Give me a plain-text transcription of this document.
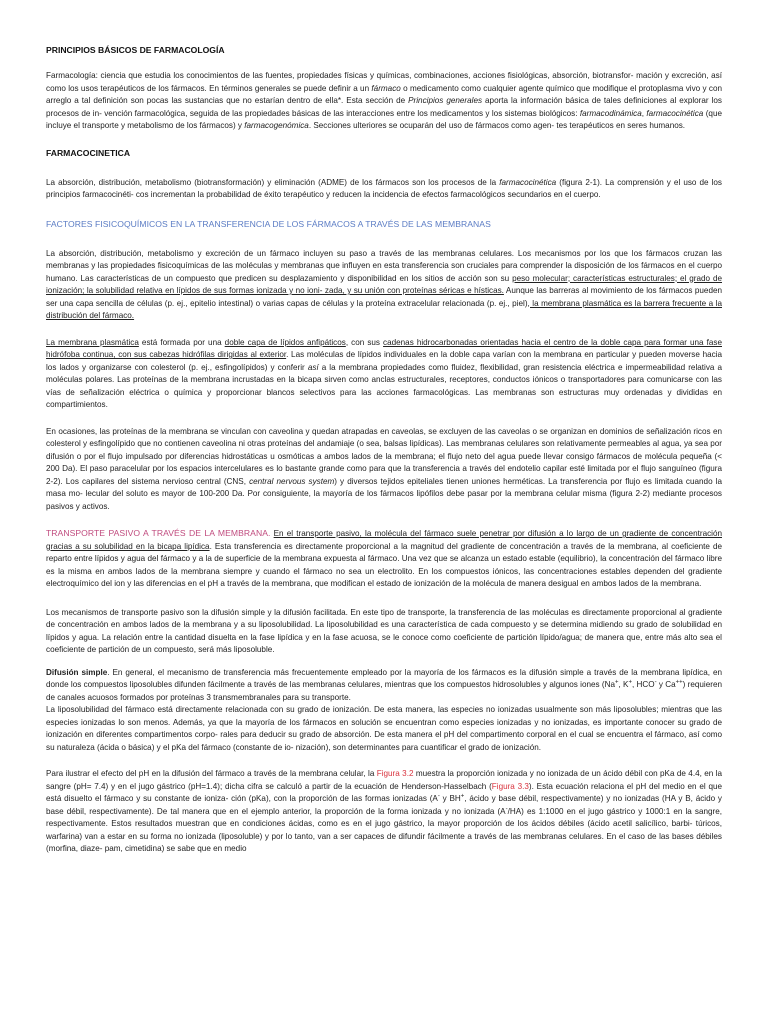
PRINCIPIOS BÁSICOS DE FARMACOLOGÍA

Farmacología: ciencia que estudia los conocimientos de las fuentes, propiedades físicas y químicas, combinaciones, acciones fisiológicas, absorción, biotransfor- mación y excreción, así como los usos terapéuticos de los fármacos. En términos generales se puede definir a un fármaco o medicamento como cualquier agente químico que modifique el protoplasma vivo y con arreglo a tal definición son pocas las sustancias que no estarían dentro de ella*. Esta sección de Principios generales aporta la información básica de tales definiciones al explorar los procesos de in- vención farmacológica, seguida de las propiedades básicas de las interacciones entre los medicamentos y los sistemas biológicos: farmacodinámica, farmacocinética (que incluye el transporte y metabolismo de los fármacos) y farmacogenómica. Secciones ulteriores se ocuparán del uso de fármacos como agen- tes terapéuticos en seres humanos.

FARMACOCINETICA

La absorción, distribución, metabolismo (biotransformación) y eliminación (ADME) de los fármacos son los procesos de la farmacocinética (figura 2-1). La comprensión y el uso de los principios farmacocinéti- cos incrementan la probabilidad de éxito terapéutico y reducen la incidencia de efectos farmacológicos secundarios en el cuerpo.

FACTORES FISICOQUÍMICOS EN LA TRANSFERENCIA DE LOS FÁRMACOS A TRAVÉS DE LAS MEMBRANAS

La absorción, distribución, metabolismo y excreción de un fármaco incluyen su paso a través de las membranas celulares. Los mecanismos por los que los fármacos cruzan las membranas y las propiedades fisicoquímicas de las moléculas y membranas que influyen en esta transferencia son cruciales para comprender la disposición de los fármacos en el cuerpo humano. Las características de un compuesto que predicen su desplazamiento y disponibilidad en los sitios de acción son su peso molecular; características estructurales; el grado de ionización; la solubilidad relativa en lípidos de sus formas ionizada y no ioni- zada, y su unión con proteínas séricas e hísticas. Aunque las barreras al movimiento de los fármacos pueden ser una capa sencilla de células (p. ej., epitelio intestinal) o varias capas de células y la proteína extracelular relacionada (p. ej., piel), la membrana plasmática es la barrera frecuente a la distribución del fármaco.

La membrana plasmática está formada por una doble capa de lípidos anfipáticos, con sus cadenas hidrocarbonadas orientadas hacia el centro de la doble capa para formar una fase hidrófoba continua, con sus cabezas hidrófilas dirigidas al exterior. Las moléculas de lípidos individuales en la doble capa varían con la membrana en particular y pueden moverse hacia los lados y organizarse con colesterol (p. ej., esfingolípidos) y conferir así a la membrana propiedades como fluidez, flexibilidad, gran resistencia eléctrica e impermeabilidad relativa a moléculas polares. Las proteínas de la membrana incrustadas en la bicapa sirven como anclas estructurales, receptores, conductos iónicos o transportadores para comunicarse con las vías de señalización eléctrica o química y proporcionar blancos selectivos para las acciones farmacológicas. Las membranas son estructuras muy ordenadas y divididas en compartimientos.

En ocasiones, las proteínas de la membrana se vinculan con caveolina y quedan atrapadas en caveolas, se excluyen de las caveolas o se organizan en dominios de señalización ricos en colesterol y esfingolípido que no contienen caveolina ni otras proteínas del andamiaje (o sea, balsas lipídicas). Las membranas celulares son relativamente permeables al agua, ya sea por difusión o por el flujo impulsado por diferencias hidrostáticas u osmóticas a ambos lados de la membrana; el flujo neto del agua puede llevar consigo fármacos de molécula pequeña (< 200 Da). El paso paracelular por los espacios intercelulares es lo bastante grande como para que la transferencia a través del endotelio capilar esté limitada por el flujo sanguíneo (figura 2-2). Los capilares del sistema nervioso central (CNS, central nervous system) y diversos tejidos epiteliales tienen uniones herméticas. La transferencia por flujo es limitada cuando la masa mo- lecular del soluto es mayor de 100-200 Da. Por consiguiente, la mayoría de los fármacos lipófilos debe pasar por la membrana celular misma (figura 2-2) mediante procesos pasivos y activos.

TRANSPORTE PASIVO A TRAVÉS DE LA MEMBRANA. En el transporte pasivo, la molécula del fármaco suele penetrar por difusión a lo largo de un gradiente de concentración gracias a su solubilidad en la bicapa lipídica. Esta transferencia es directamente proporcional a la magnitud del gradiente de concentración a través de la membrana, al coeficiente de reparto entre lípidos y agua del fármaco y a la de superficie de la membrana expuesta al fármaco. Una vez que se alcanza un estado estable (equilibrio), la concentración del fármaco libre es la misma en ambos lados de la membrana siempre y cuando el fármaco no sea un electrolito. En los compuestos iónicos, las concentraciones estables dependen del gradiente electroquímico del ion y las diferencias en el pH a través de la membrana, que modifican el estado de ionización de la molécula de manera desigual en ambos lados de la membrana.

Los mecanismos de transporte pasivo son la difusión simple y la difusión facilitada. En este tipo de transporte, la transferencia de las moléculas es directamente proporcional al gradiente de concentración en ambos lados de la membrana y a su liposolubilidad. La liposolubilidad es una característica de cada compuesto y se determina midiendo su grado de solubilidad en lípidos y agua. La relación entre la cantidad disuelta en la fase lipídica y en la fase acuosa, se le conoce como coeficiente de partición lípido/agua; de manera que, entre más alto sea el coeficiente de partición de un compuesto, será más liposoluble.

Difusión simple. En general, el mecanismo de transferencia más frecuentemente empleado por la mayoría de los fármacos es la difusión simple a través de la membrana lipídica, en donde los compuestos liposolubles difunden fácilmente a través de las membranas celulares, mientras que los compuestos hidrosolubles y algunos iones (Na+, K+, HCO- y Ca++) requieren de canales acuosos formados por proteínas 3 transmembranales para su transporte.

La liposolubilidad del fármaco está directamente relacionada con su grado de ionización. De esta manera, las especies no ionizadas usualmente son más liposolubles; mientras que las especies ionizadas lo son menos. Además, ya que la mayoría de los fármacos en solución se encuentran como especies ionizadas y no ionizadas, es importante conocer su grado de ionización en diferentes compartimentos corpo- rales para deducir su grado de absorción. De esta manera el pH del compartimento corporal en el cual se encuentra el fármaco, así como su naturaleza (ácida o básica) y el pKa del fármaco (constante de io- nización), son determinantes para cuantificar el grado de ionización.

Para ilustrar el efecto del pH en la difusión del fármaco a través de la membrana celular, la Figura 3.2 muestra la proporción ionizada y no ionizada de un ácido débil con pKa de 4.4, en la sangre (pH= 7.4) y en el jugo gástrico (pH=1.4); dicha cifra se calculó a partir de la ecuación de Henderson-Hasselbach (Figura 3.3). Esta ecuación relaciona el pH del medio en el que está disuelto el fármaco y su constante de ioniza- ción (pKa), con la proporción de las formas ionizadas (A- y BH+, ácido y base débil, respectivamente) y no ionizadas (HA y B, ácido y base débil, respectivamente). De tal manera que en el ejemplo anterior, la proporción de la forma ionizada y no ionizada (A-/HA) es 1:1000 en el jugo gástrico y 1000:1 en la sangre, respectivamente. Estos resultados muestran que en condiciones ácidas, como es en el jugo gástrico, la mayor proporción de los ácidos débiles (ácido acetil salicílico, barbi- túricos, warfarina) van a estar en su forma no ionizada (liposoluble) y por lo tanto, van a ser capaces de difundir fácilmente a través de las membranas celulares. En el caso de las bases débiles (morfina, diaze- pam, cimetidina) se sabe que en medio
